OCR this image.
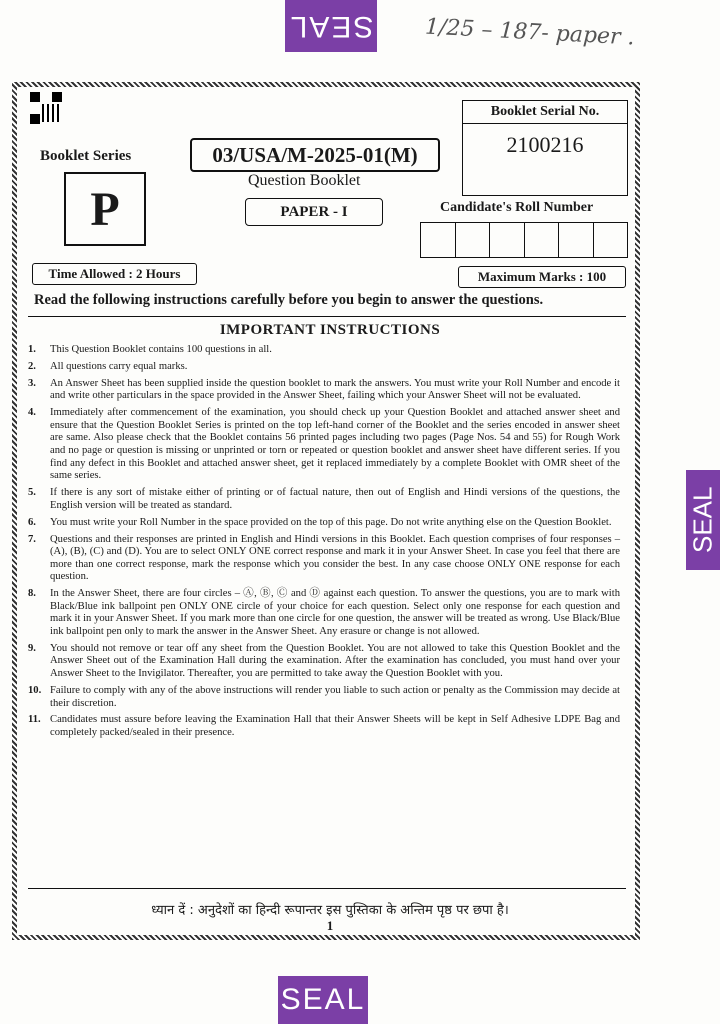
SEAL 1/25 – 187- paper .
SEAL
Booklet Series
P
03/USA/M-2025-01(M)
Question Booklet
PAPER - I
Booklet Serial No.
2100216
Candidate's Roll Number
Time Allowed : 2 Hours	Maximum Marks : 100
Read the following instructions carefully before you begin to answer the questions.
IMPORTANT INSTRUCTIONS
1.	This Question Booklet contains 100 questions in all.
2.	All questions carry equal marks.
3.	An Answer Sheet has been supplied inside the question booklet to mark the answers. You must write your Roll Number and encode it and write other particulars in the space provided in the Answer Sheet, failing which your Answer Sheet will not be evaluated.
4.	Immediately after commencement of the examination, you should check up your Question Booklet and attached answer sheet and ensure that the Question Booklet Series is printed on the top left-hand corner of the Booklet and the series encoded in answer sheet are same. Also please check that the Booklet contains 56 printed pages including two pages (Page Nos. 54 and 55) for Rough Work and no page or question is missing or unprinted or torn or repeated or question booklet and answer sheet have different series. If you find any defect in this Booklet and attached answer sheet, get it replaced immediately by a complete Booklet with OMR sheet of the same series.
5.	If there is any sort of mistake either of printing or of factual nature, then out of English and Hindi versions of the questions, the English version will be treated as standard.
6.	You must write your Roll Number in the space provided on the top of this page. Do not write anything else on the Question Booklet.
7.	Questions and their responses are printed in English and Hindi versions in this Booklet. Each question comprises of four responses – (A), (B), (C) and (D). You are to select ONLY ONE correct response and mark it in your Answer Sheet. In case you feel that there are more than one correct response, mark the response which you consider the best. In any case choose ONLY ONE response for each question.
8.	In the Answer Sheet, there are four circles – Ⓐ, Ⓑ, Ⓒ and Ⓓ against each question. To answer the questions, you are to mark with Black/Blue ink ballpoint pen ONLY ONE circle of your choice for each question. Select only one response for each question and mark it in your Answer Sheet. If you mark more than one circle for one question, the answer will be treated as wrong. Use Black/Blue ink ballpoint pen only to mark the answer in the Answer Sheet. Any erasure or change is not allowed.
9.	You should not remove or tear off any sheet from the Question Booklet. You are not allowed to take this Question Booklet and the Answer Sheet out of the Examination Hall during the examination. After the examination has concluded, you must hand over your Answer Sheet to the Invigilator. Thereafter, you are permitted to take away the Question Booklet with you.
10. Failure to comply with any of the above instructions will render you liable to such action or penalty as the Commission may decide at their discretion.
11. Candidates must assure before leaving the Examination Hall that their Answer Sheets will be kept in Self Adhesive LDPE Bag and completely packed/sealed in their presence.
ध्यान दें : अनुदेशों का हिन्दी रूपान्तर इस पुस्तिका के अन्तिम पृष्ठ पर छपा है।
1
SEAL
